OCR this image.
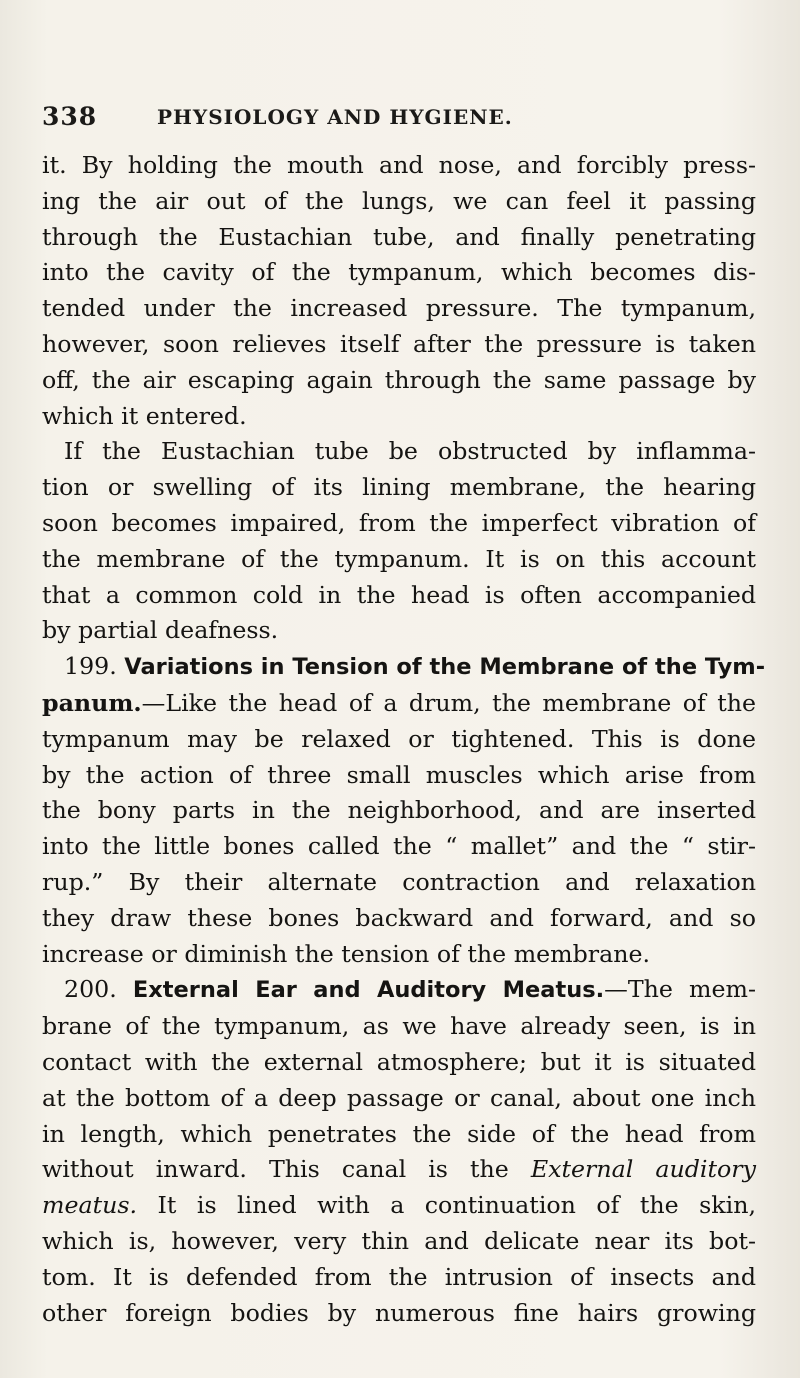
338	PHYSIOLOGY AND HYGIENE.
it. By holding the mouth and nose, and forcibly press-
ing the air out of the lungs, we can feel it passing
through the Eustachian tube, and finally penetrating
into the cavity of the tympanum, which becomes dis-
tended under the increased pressure. The tympanum,
however, soon relieves itself after the pressure is taken
off, the air escaping again through the same passage by
which it entered.
If the Eustachian tube be obstructed by inflamma-
tion or swelling of its lining membrane, the hearing
soon becomes impaired, from the imperfect vibration of
the membrane of the tympanum. It is on this account
that a common cold in the head is often accompanied
by partial deafness.
199. Variations in Tension of the Membrane of the Tym-
panum.—Like the head of a drum, the membrane of the
tympanum may be relaxed or tightened. This is done
by the action of three small muscles which arise from
the bony parts in the neighborhood, and are inserted
into the little bones called the “ mallet” and the “ stir-
rup.” By their alternate contraction and relaxation
they draw these bones backward and forward, and so
increase or diminish the tension of the membrane.
200. External Ear and Auditory Meatus.—The mem-
brane of the tympanum, as we have already seen, is in
contact with the external atmosphere; but it is situated
at the bottom of a deep passage or canal, about one inch
in length, which penetrates the side of the head from
without inward. This canal is the External auditory
meatus. It is lined with a continuation of the skin,
which is, however, very thin and delicate near its bot-
tom. It is defended from the intrusion of insects and
other foreign bodies by numerous fine hairs growing
